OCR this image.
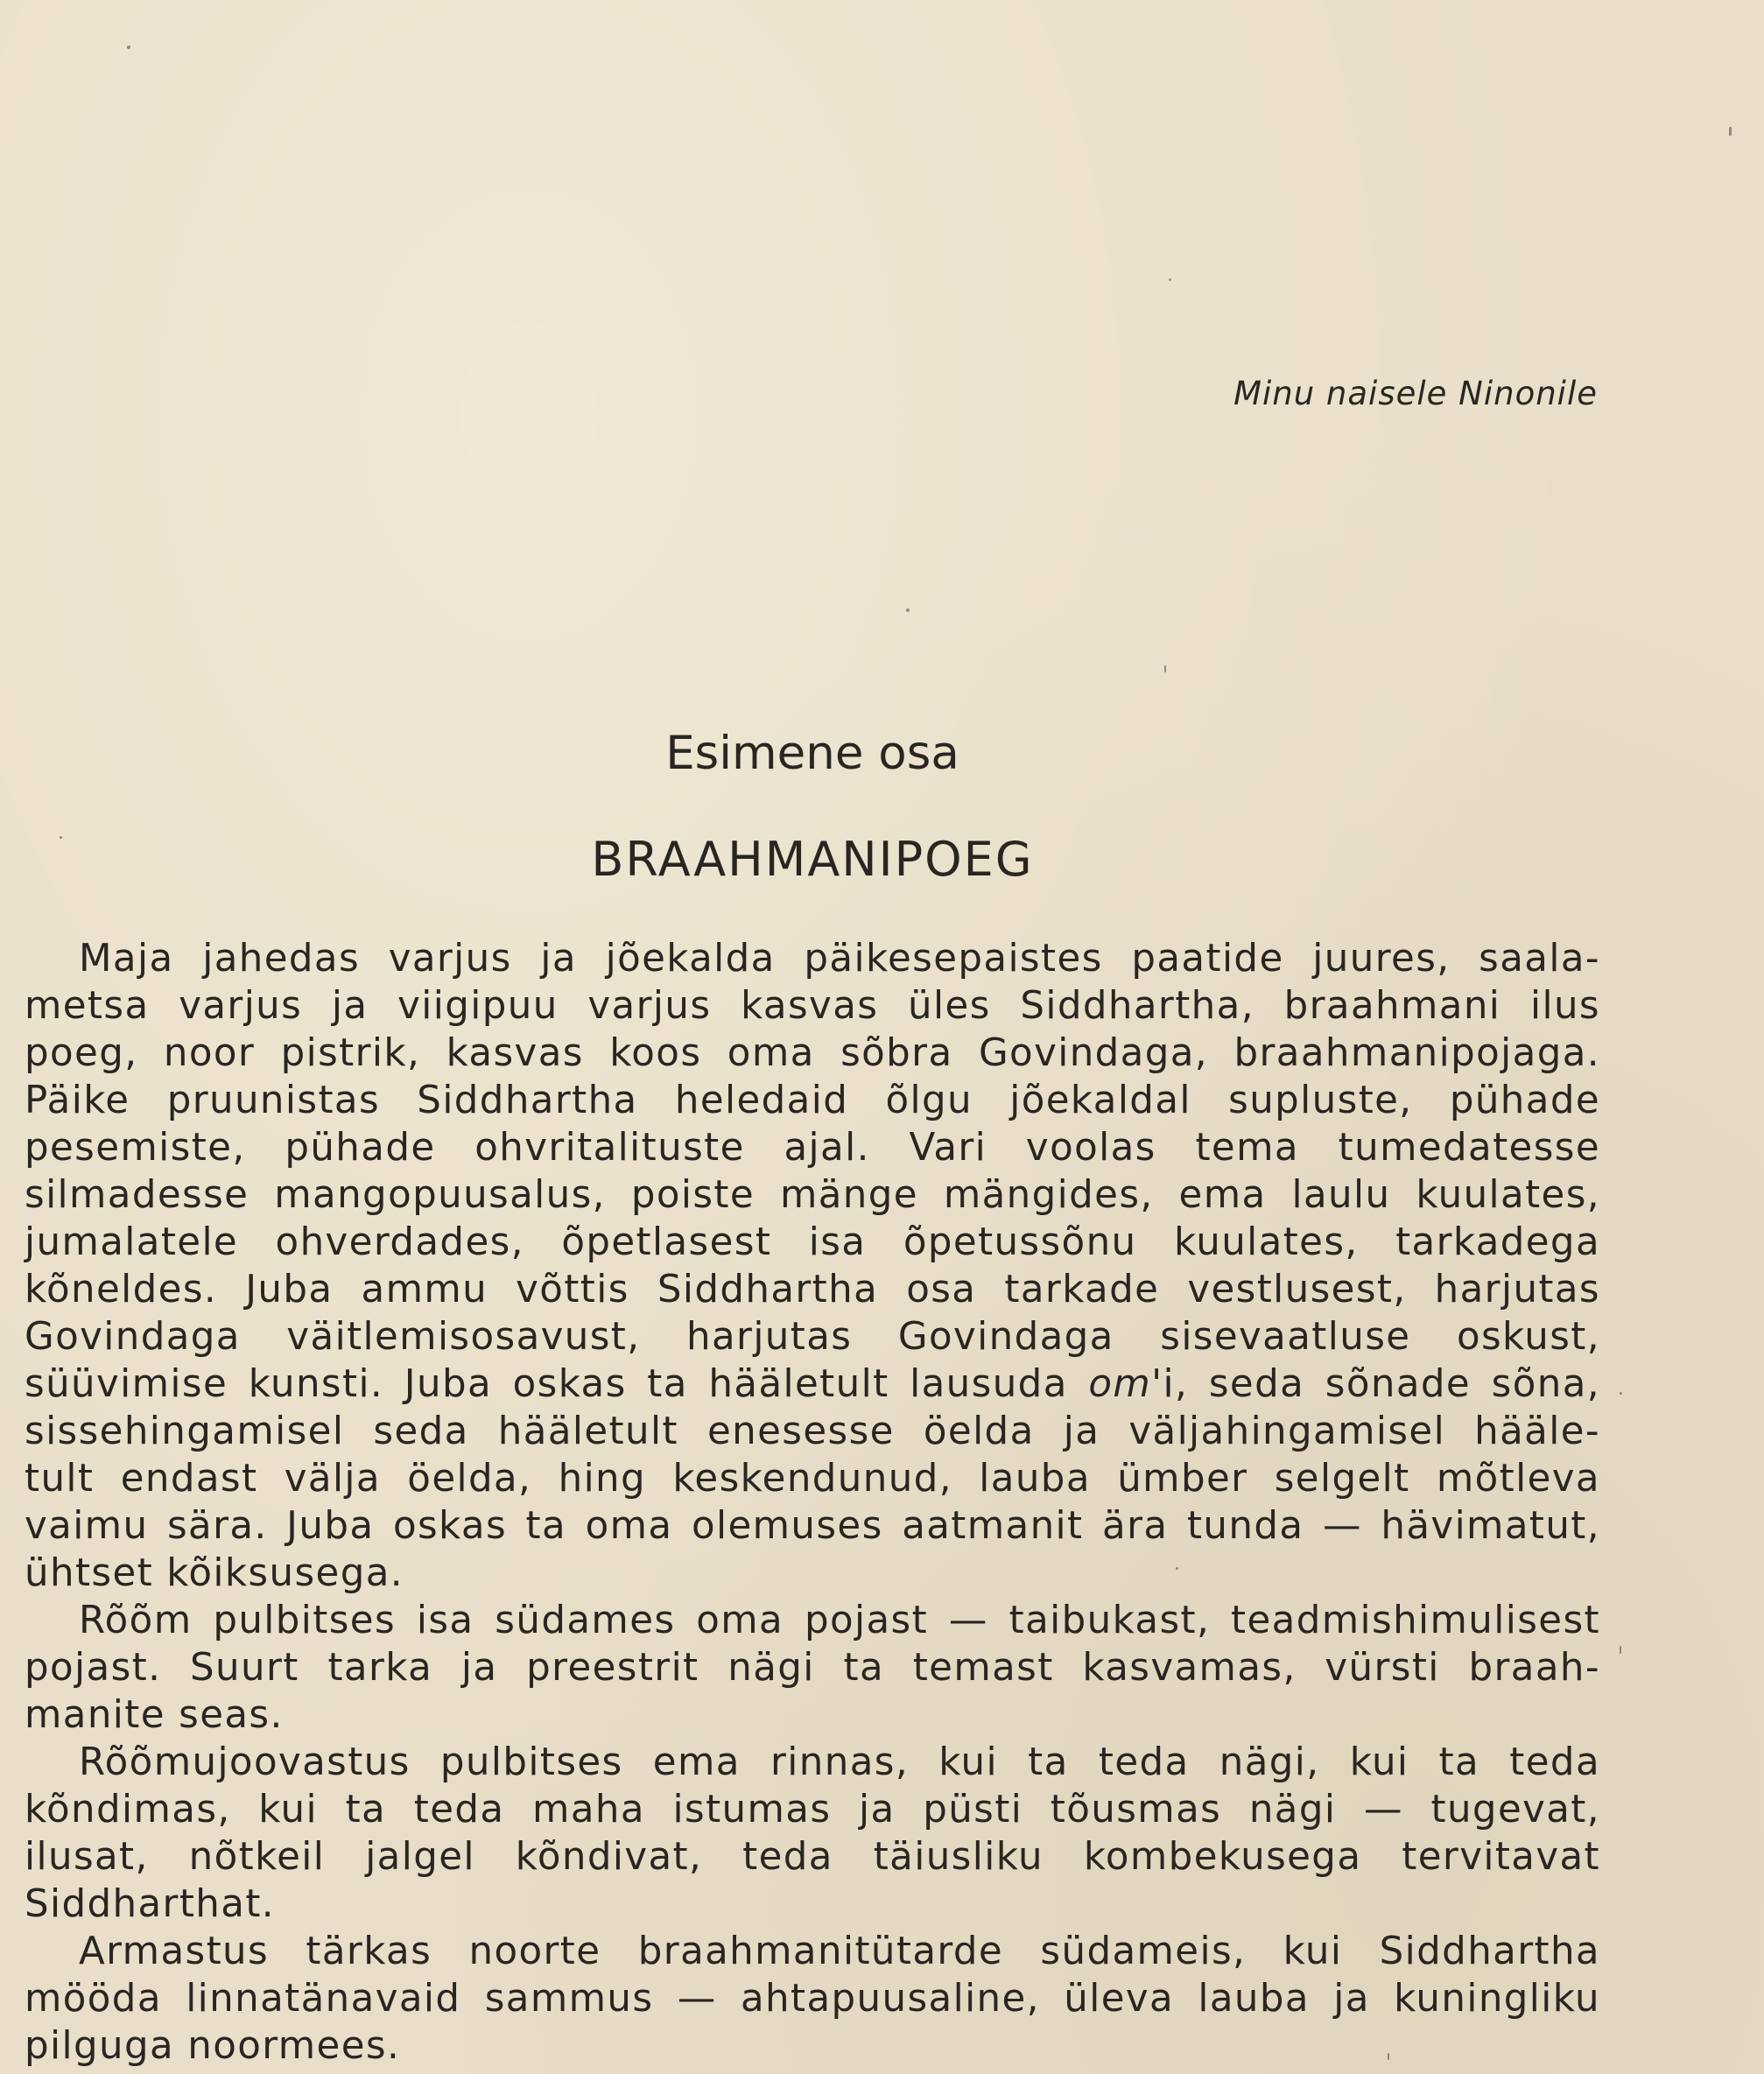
Minu naisele Ninonile
Esimene osa
BRAAHMANIPOEG
Maja jahedas varjus ja jõekalda päikesepaistes paatide juures, saala-
metsa varjus ja viigipuu varjus kasvas üles Siddhartha, braahmani ilus
poeg, noor pistrik, kasvas koos oma sõbra Govindaga, braahmanipojaga.
Päike pruunistas Siddhartha heledaid õlgu jõekaldal supluste, pühade
pesemiste, pühade ohvritalituste ajal. Vari voolas tema tumedatesse
silmadesse mangopuusalus, poiste mänge mängides, ema laulu kuulates,
jumalatele ohverdades, õpetlasest isa õpetussõnu kuulates, tarkadega
kõneldes. Juba ammu võttis Siddhartha osa tarkade vestlusest, harjutas
Govindaga väitlemisosavust, harjutas Govindaga sisevaatluse oskust,
süüvimise kunsti. Juba oskas ta hääletult lausuda om'i, seda sõnade sõna,
sissehingamisel seda hääletult enesesse öelda ja väljahingamisel hääle-
tult endast välja öelda, hing keskendunud, lauba ümber selgelt mõtleva
vaimu sära. Juba oskas ta oma olemuses aatmanit ära tunda — hävimatut,
ühtset kõiksusega.
Rõõm pulbitses isa südames oma pojast — taibukast, teadmishimulisest
pojast. Suurt tarka ja preestrit nägi ta temast kasvamas, vürsti braah-
manite seas.
Rõõmujoovastus pulbitses ema rinnas, kui ta teda nägi, kui ta teda
kõndimas, kui ta teda maha istumas ja püsti tõusmas nägi — tugevat,
ilusat, nõtkeil jalgel kõndivat, teda täiusliku kombekusega tervitavat
Siddharthat.
Armastus tärkas noorte braahmanitütarde südameis, kui Siddhartha
mööda linnatänavaid sammus — ahtapuusaline, üleva lauba ja kuningliku
pilguga noormees.
